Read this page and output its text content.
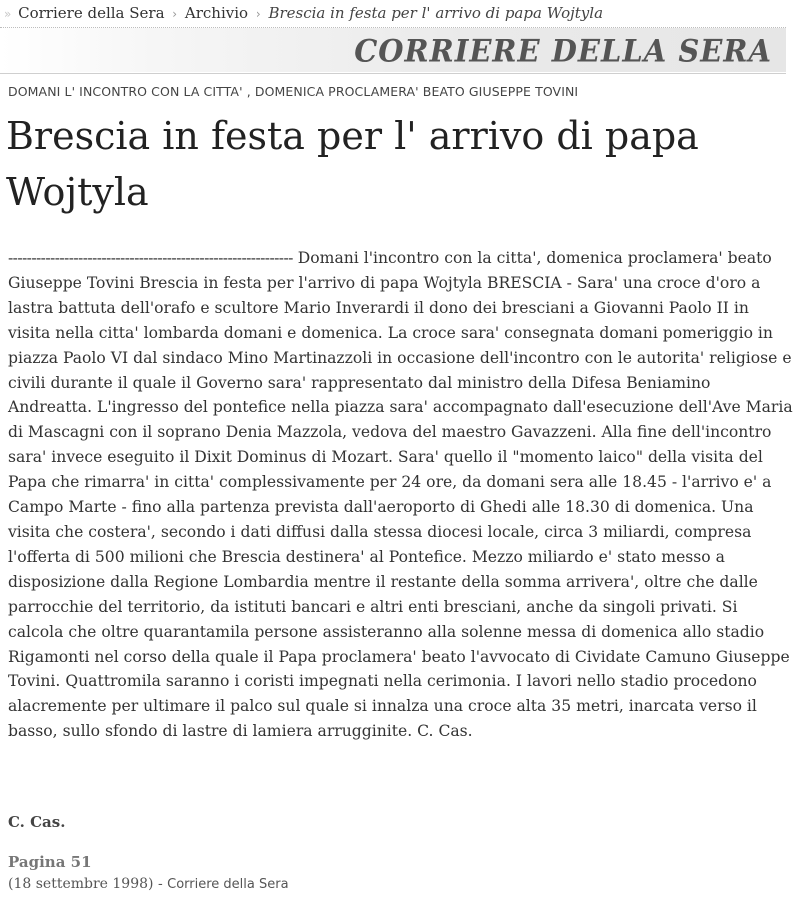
» Corriere della Sera › Archivio › Brescia in festa per l' arrivo di papa Wojtyla
CORRIERE DELLA SERA
DOMANI L' INCONTRO CON LA CITTA' , DOMENICA PROCLAMERA' BEATO GIUSEPPE TOVINI
Brescia in festa per l' arrivo di papa Wojtyla

------------------------------------------------------------- Domani l'incontro con la citta', domenica proclamera' beato Giuseppe Tovini Brescia in festa per l'arrivo di papa Wojtyla BRESCIA - Sara' una croce d'oro a lastra battuta dell'orafo e scultore Mario Inverardi il dono dei bresciani a Giovanni Paolo II in visita nella citta' lombarda domani e domenica. La croce sara' consegnata domani pomeriggio in piazza Paolo VI dal sindaco Mino Martinazzoli in occasione dell'incontro con le autorita' religiose e civili durante il quale il Governo sara' rappresentato dal ministro della Difesa Beniamino Andreatta. L'ingresso del pontefice nella piazza sara' accompagnato dall'esecuzione dell'Ave Maria di Mascagni con il soprano Denia Mazzola, vedova del maestro Gavazzeni. Alla fine dell'incontro sara' invece eseguito il Dixit Dominus di Mozart. Sara' quello il "momento laico" della visita del Papa che rimarra' in citta' complessivamente per 24 ore, da domani sera alle 18.45 - l'arrivo e' a Campo Marte - fino alla partenza prevista dall'aeroporto di Ghedi alle 18.30 di domenica. Una visita che costera', secondo i dati diffusi dalla stessa diocesi locale, circa 3 miliardi, compresa l'offerta di 500 milioni che Brescia destinera' al Pontefice. Mezzo miliardo e' stato messo a disposizione dalla Regione Lombardia mentre il restante della somma arrivera', oltre che dalle parrocchie del territorio, da istituti bancari e altri enti bresciani, anche da singoli privati. Si calcola che oltre quarantamila persone assisteranno alla solenne messa di domenica allo stadio Rigamonti nel corso della quale il Papa proclamera' beato l'avvocato di Cividate Camuno Giuseppe Tovini. Quattromila saranno i coristi impegnati nella cerimonia. I lavori nello stadio procedono alacremente per ultimare il palco sul quale si innalza una croce alta 35 metri, inarcata verso il basso, sullo sfondo di lastre di lamiera arrugginite. C. Cas.

C. Cas.
Pagina 51
(18 settembre 1998) - Corriere della Sera
